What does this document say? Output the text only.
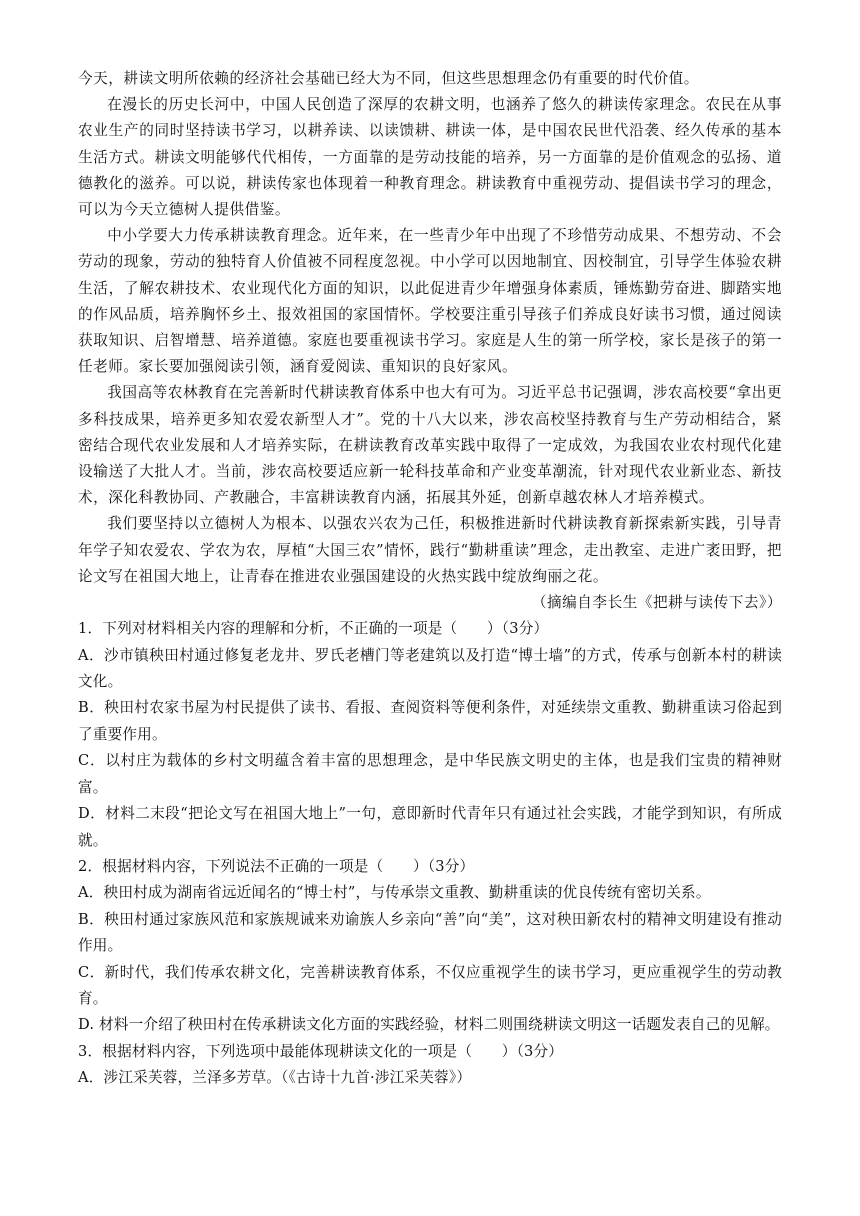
今天，耕读文明所依赖的经济社会基础已经大为不同，但这些思想理念仍有重要的时代价值。

在漫长的历史长河中，中国人民创造了深厚的农耕文明，也涵养了悠久的耕读传家理念。农民在从事农业生产的同时坚持读书学习，以耕养读、以读馈耕、耕读一体，是中国农民世代沿袭、经久传承的基本生活方式。耕读文明能够代代相传，一方面靠的是劳动技能的培养，另一方面靠的是价值观念的弘扬、道德教化的滋养。可以说，耕读传家也体现着一种教育理念。耕读教育中重视劳动、提倡读书学习的理念，可以为今天立德树人提供借鉴。

中小学要大力传承耕读教育理念。近年来，在一些青少年中出现了不珍惜劳动成果、不想劳动、不会劳动的现象，劳动的独特育人价值被不同程度忽视。中小学可以因地制宜、因校制宜，引导学生体验农耕生活，了解农耕技术、农业现代化方面的知识，以此促进青少年增强身体素质，锤炼勤劳奋进、脚踏实地的作风品质，培养胸怀乡土、报效祖国的家国情怀。学校要注重引导孩子们养成良好读书习惯，通过阅读获取知识、启智增慧、培养道德。家庭也要重视读书学习。家庭是人生的第一所学校，家长是孩子的第一任老师。家长要加强阅读引领，涵育爱阅读、重知识的良好家风。

我国高等农林教育在完善新时代耕读教育体系中也大有可为。习近平总书记强调，涉农高校要“拿出更多科技成果，培养更多知农爱农新型人才”。党的十八大以来，涉农高校坚持教育与生产劳动相结合，紧密结合现代农业发展和人才培养实际，在耕读教育改革实践中取得了一定成效，为我国农业农村现代化建设输送了大批人才。当前，涉农高校要适应新一轮科技革命和产业变革潮流，针对现代农业新业态、新技术，深化科教协同、产教融合，丰富耕读教育内涵，拓展其外延，创新卓越农林人才培养模式。

我们要坚持以立德树人为根本、以强农兴农为己任，积极推进新时代耕读教育新探索新实践，引导青年学子知农爱农、学农为农，厚植“大国三农”情怀，践行“勤耕重读”理念，走出教室、走进广袤田野，把论文写在祖国大地上，让青春在推进农业强国建设的火热实践中绽放绚丽之花。

（摘编自李长生《把耕与读传下去》）

1．下列对材料相关内容的理解和分析，不正确的一项是（　　）（3分）

A．沙市镇秧田村通过修复老龙井、罗氏老槽门等老建筑以及打造“博士墙”的方式，传承与创新本村的耕读文化。

B．秧田村农家书屋为村民提供了读书、看报、查阅资料等便利条件，对延续崇文重教、勤耕重读习俗起到了重要作用。

C．以村庄为载体的乡村文明蕴含着丰富的思想理念，是中华民族文明史的主体，也是我们宝贵的精神财富。

D．材料二末段“把论文写在祖国大地上”一句，意即新时代青年只有通过社会实践，才能学到知识，有所成就。

2．根据材料内容，下列说法不正确的一项是（　　）（3分）

A．秧田村成为湖南省远近闻名的“博士村”，与传承崇文重教、勤耕重读的优良传统有密切关系。

B．秧田村通过家族风范和家族规诫来劝谕族人乡亲向“善”向“美”，这对秧田新农村的精神文明建设有推动作用。

C．新时代，我们传承农耕文化，完善耕读教育体系，不仅应重视学生的读书学习，更应重视学生的劳动教育。

D. 材料一介绍了秧田村在传承耕读文化方面的实践经验，材料二则围绕耕读文明这一话题发表自己的见解。

3．根据材料内容，下列选项中最能体现耕读文化的一项是（　　）（3分）

A．涉江采芙蓉，兰泽多芳草。（《古诗十九首·涉江采芙蓉》）
